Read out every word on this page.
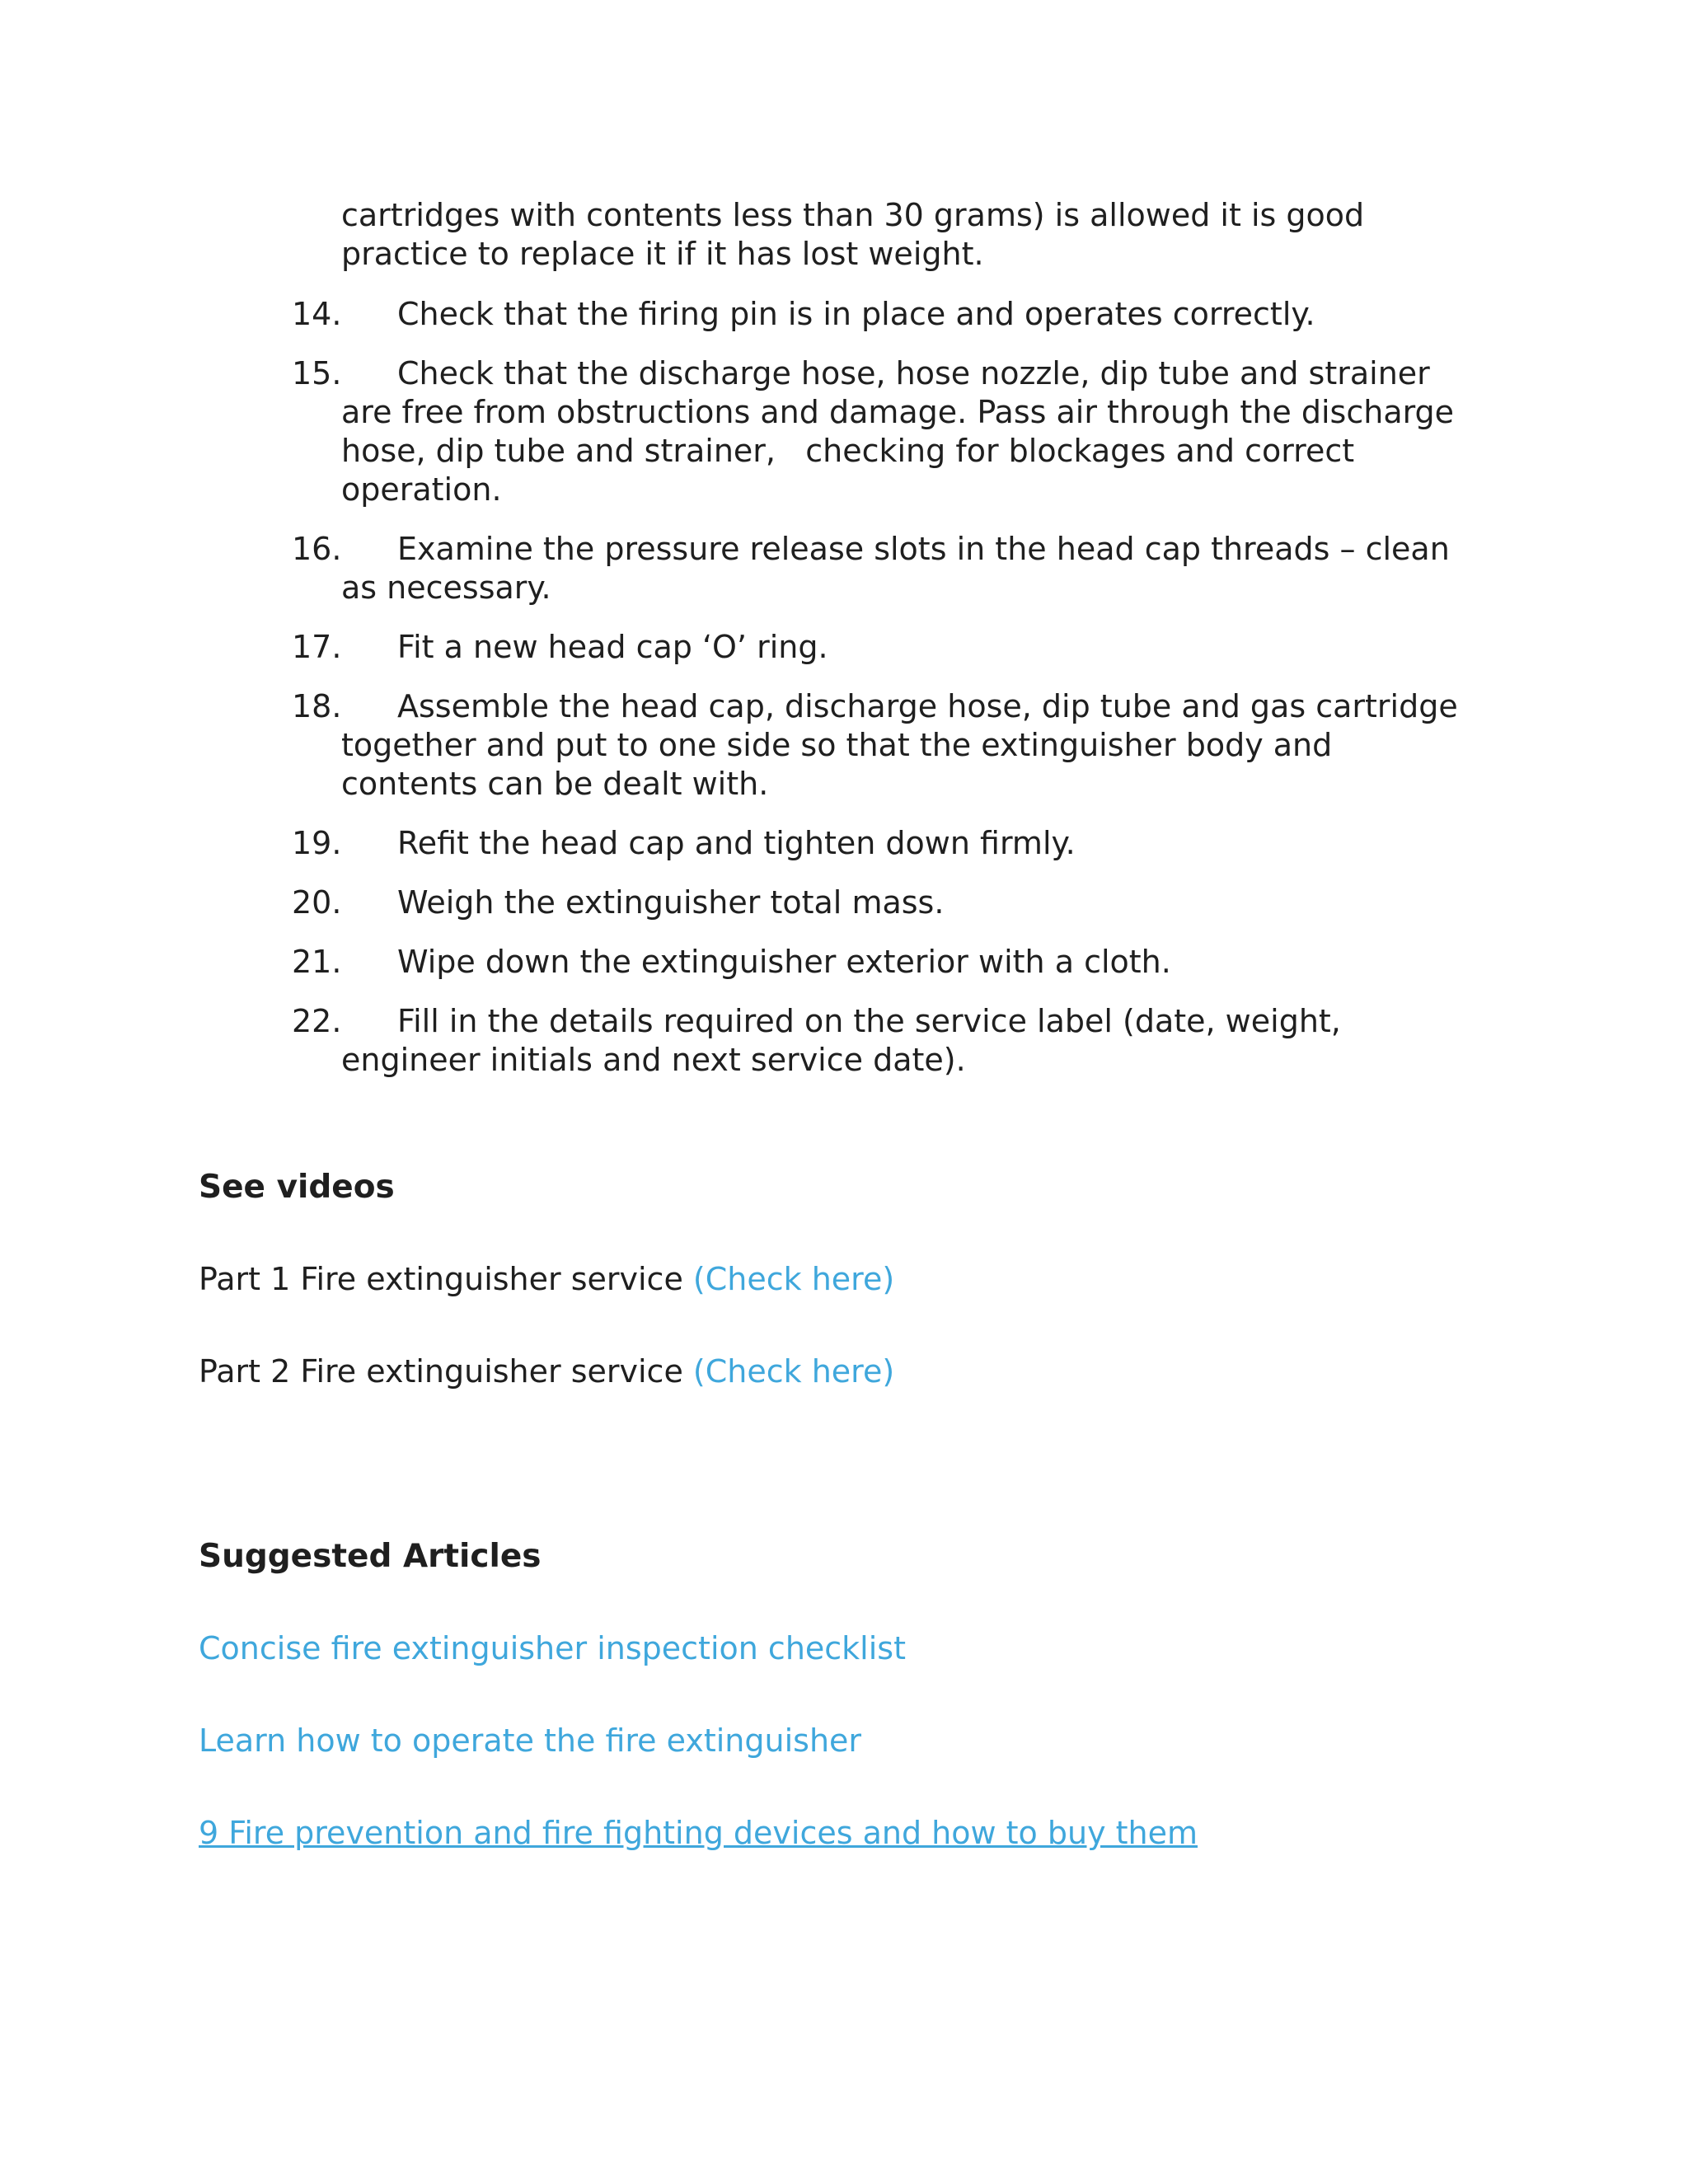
cartridges with contents less than 30 grams) is allowed it is good
practice to replace it if it has lost weight.
14.	Check that the firing pin is in place and operates correctly.
15.	Check that the discharge hose, hose nozzle, dip tube and strainer
are free from obstructions and damage. Pass air through the discharge
hose, dip tube and strainer,   checking for blockages and correct
operation.
16.	Examine the pressure release slots in the head cap threads – clean
as necessary.
17.	Fit a new head cap ‘O’ ring.
18.	Assemble the head cap, discharge hose, dip tube and gas cartridge
together and put to one side so that the extinguisher body and
contents can be dealt with.
19.	Refit the head cap and tighten down firmly.
20.	Weigh the extinguisher total mass.
21.	Wipe down the extinguisher exterior with a cloth.
22.	Fill in the details required on the service label (date, weight,
engineer initials and next service date).
See videos
Part 1 Fire extinguisher service (Check here)
Part 2 Fire extinguisher service (Check here)
Suggested Articles
Concise fire extinguisher inspection checklist
Learn how to operate the fire extinguisher
9 Fire prevention and fire fighting devices and how to buy them
